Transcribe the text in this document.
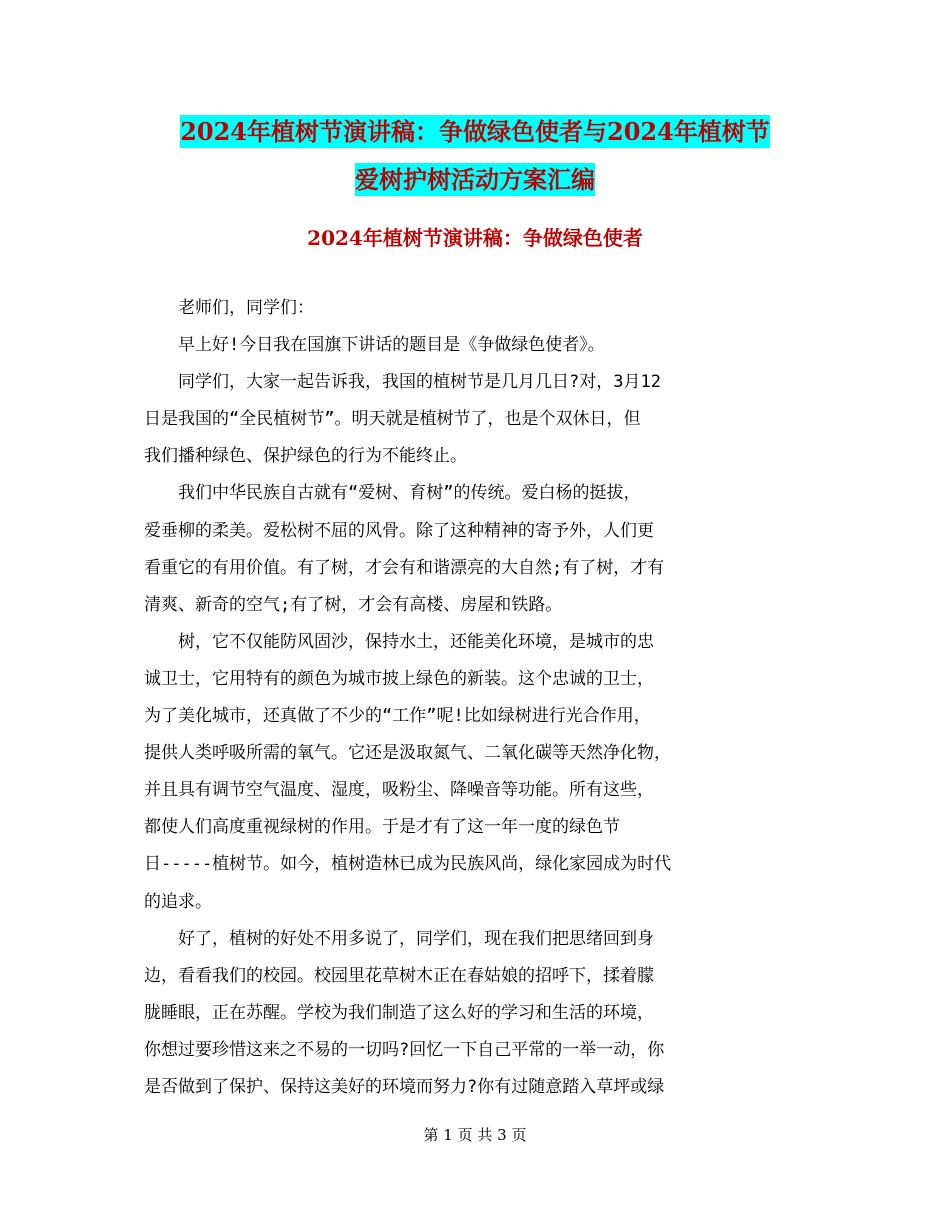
2024年植树节演讲稿：争做绿色使者与2024年植树节
爱树护树活动方案汇编
2024年植树节演讲稿：争做绿色使者
　　老师们，同学们：
　　早上好!今日我在国旗下讲话的题目是《争做绿色使者》。
　　同学们，大家一起告诉我，我国的植树节是几月几日?对，3月12
日是我国的“全民植树节”。明天就是植树节了，也是个双休日，但
我们播种绿色、保护绿色的行为不能终止。
　　我们中华民族自古就有“爱树、育树”的传统。爱白杨的挺拔，
爱垂柳的柔美。爱松树不屈的风骨。除了这种精神的寄予外，人们更
看重它的有用价值。有了树，才会有和谐漂亮的大自然;有了树，才有
清爽、新奇的空气;有了树，才会有高楼、房屋和铁路。
　　树，它不仅能防风固沙，保持水土，还能美化环境，是城市的忠
诚卫士，它用特有的颜色为城市披上绿色的新装。这个忠诚的卫士，
为了美化城市，还真做了不少的“工作”呢!比如绿树进行光合作用，
提供人类呼吸所需的氧气。它还是汲取氮气、二氧化碳等天然净化物，
并且具有调节空气温度、湿度，吸粉尘、降噪音等功能。所有这些，
都使人们高度重视绿树的作用。于是才有了这一年一度的绿色节
日-----植树节。如今，植树造林已成为民族风尚，绿化家园成为时代
的追求。
　　好了，植树的好处不用多说了，同学们，现在我们把思绪回到身
边，看看我们的校园。校园里花草树木正在春姑娘的招呼下，揉着朦
胧睡眼，正在苏醒。学校为我们制造了这么好的学习和生活的环境，
你想过要珍惜这来之不易的一切吗?回忆一下自己平常的一举一动，你
是否做到了保护、保持这美好的环境而努力?你有过随意踏入草坪或绿
第 1 页 共 3 页
